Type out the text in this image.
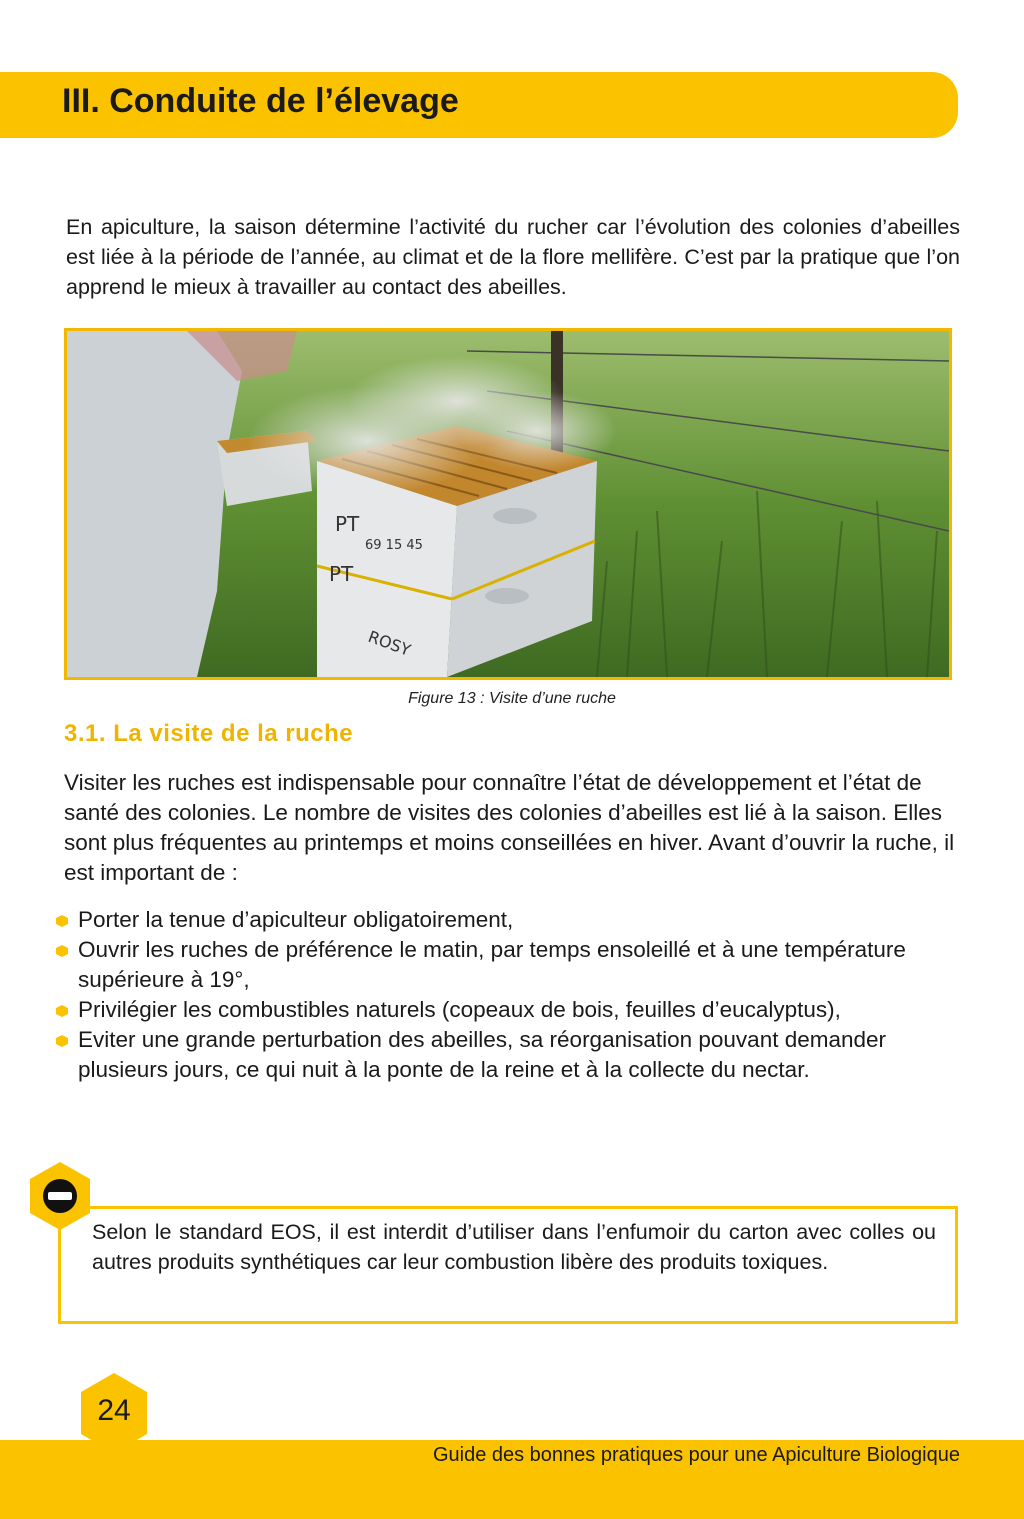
III. Conduite de l’élevage

En apiculture, la saison détermine l’activité du rucher car l’évolution des colonies d’abeilles est liée à la période de l’année, au climat et de la flore mellifère. C’est par la pratique que l’on apprend le mieux à travailler au contact des abeilles.

PT
69 15 45
PT
ROSY
Figure 13 : Visite d’une ruche
3.1. La visite de la ruche

Visiter les ruches est indispensable pour connaître l’état de développement et l’état de santé des colonies. Le nombre de visites des colonies d’abeilles est lié à la saison. Elles sont plus fréquentes au printemps et moins conseillées en hiver. Avant d’ouvrir la ruche, il est important de :

Porter la tenue d’apiculteur obligatoirement,
Ouvrir les ruches de préférence le matin, par temps ensoleillé et à une température supérieure à 19°,
Privilégier les combustibles naturels (copeaux de bois, feuilles d’eucalyptus),
Eviter une grande perturbation des abeilles, sa réorganisation pouvant demander plusieurs jours, ce qui nuit à la ponte de la reine et à la collecte du nectar.

Selon le standard EOS, il est interdit d’utiliser dans l’enfumoir du carton avec colles ou autres produits synthétiques car leur combustion libère des produits toxiques.

24

Guide des bonnes pratiques pour une Apiculture Biologique
